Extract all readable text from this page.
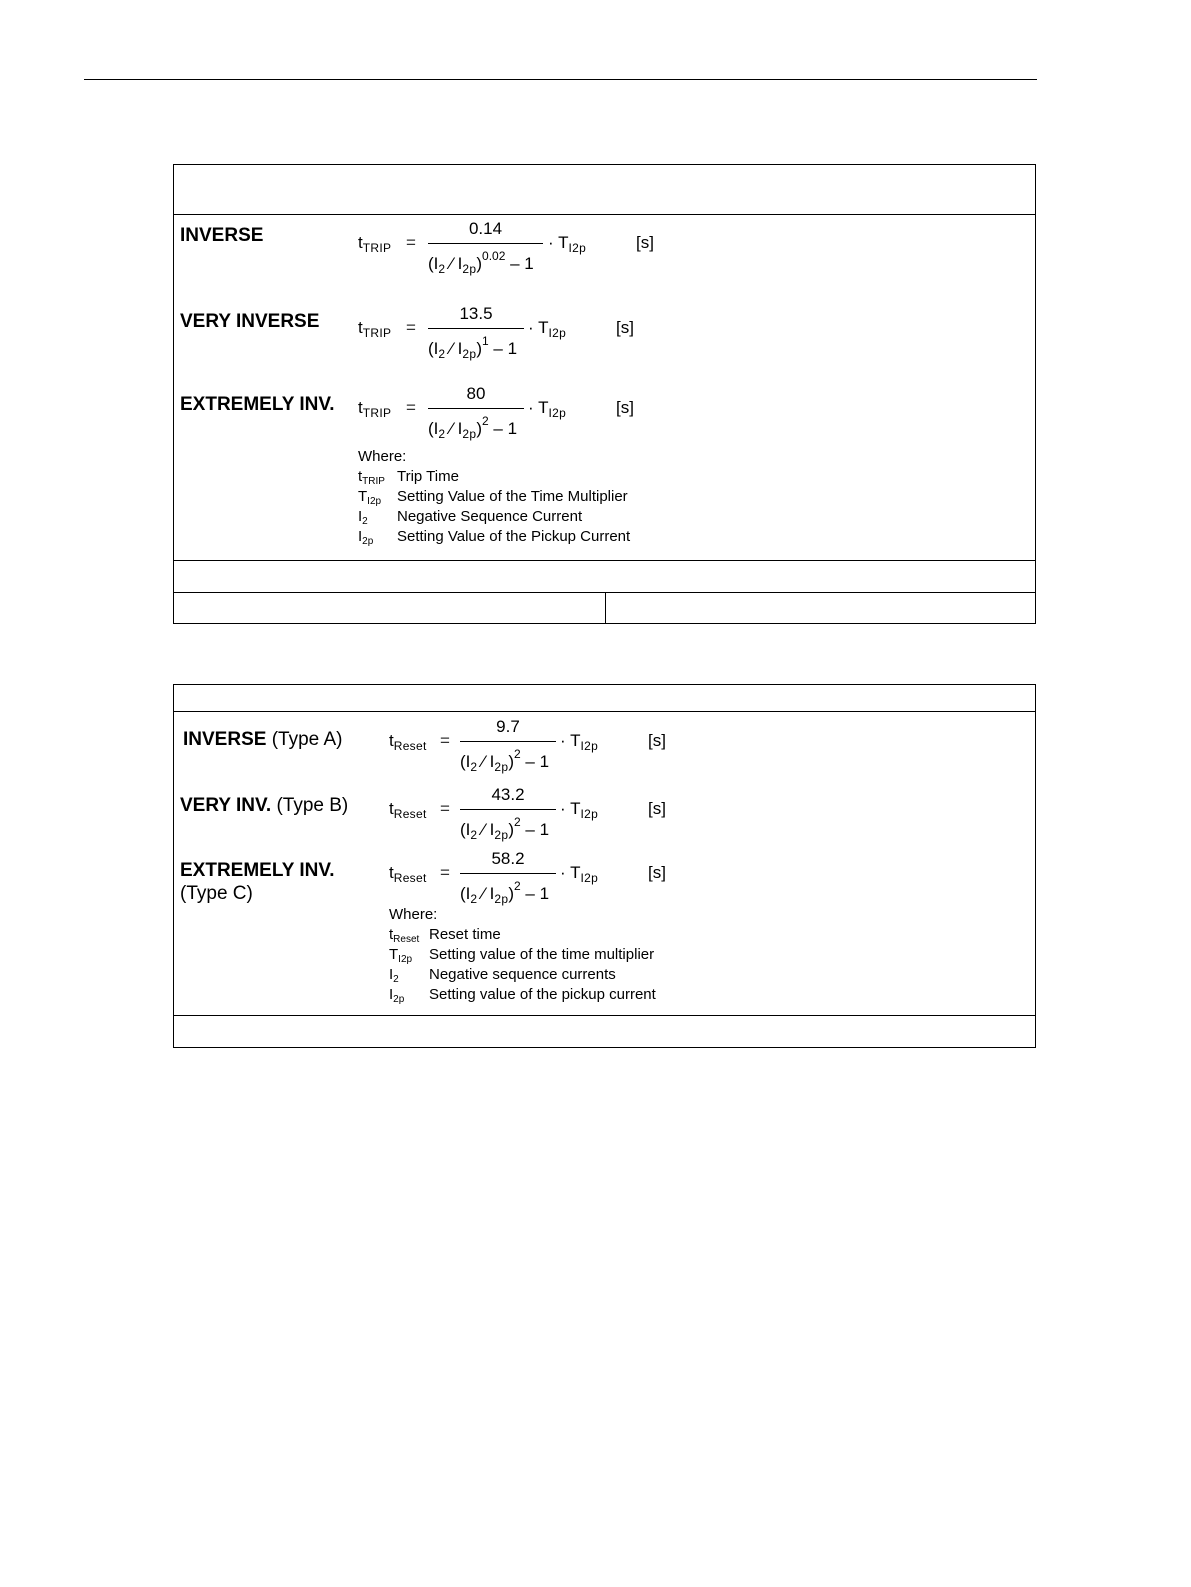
INVERSE	$t_{TRIP}$ =
0.14
($I_2$ ⁄ $I_{2p})^{0.02} - 1$
· $T_{I2p}$	[s]
VERY INVERSE $t_{TRIP}$ =
13.5
($I_2$ ⁄ $I_{2p})^1 - 1$
· $T_{I2p}$	[s]
EXTREMELY INV. $t_{TRIP}$ =
80
($I_2$ ⁄ $I_{2p})^2 - 1$
· $T_{I2p}$	[s]
Where:
$t_{TRIP}$ Trip Time
$T_{I2p}$ Setting Value of the Time Multiplier
$I_2$ Negative Sequence Current
$I_{2p}$ Setting Value of the Pickup Current
INVERSE (Type A)	$t_{Reset}$ =
9.7
($I_2$ ⁄ $I_{2p})^2 - 1$
· $T_{I2p}$	[s]
VERY INV. (Type B) $t_{Reset}$ =
43.2
($I_2$ ⁄ $I_{2p})^2 - 1$
· $T_{I2p}$	[s]
EXTREMELY INV.
(Type C)
$t_{Reset}$ =
58.2
($I_2$ ⁄ $I_{2p})^2 - 1$
· $T_{I2p}$	[s]
Where:
$t_{Reset}$ Reset time
$T_{I2p}$ Setting value of the time multiplier
$I_2$ Negative sequence currents
$I_{2p}$ Setting value of the pickup current
